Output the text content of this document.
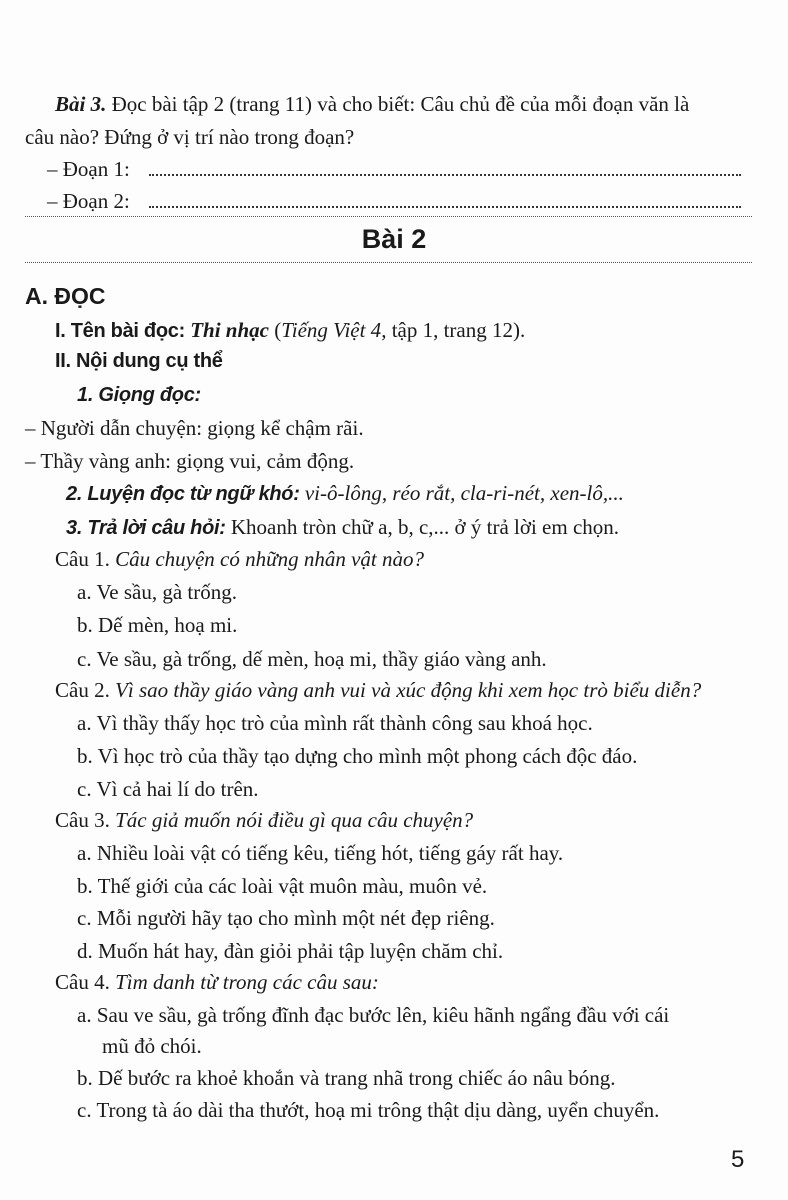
Bài 3. Đọc bài tập 2 (trang 11) và cho biết: Câu chủ đề của mỗi đoạn văn là
câu nào? Đứng ở vị trí nào trong đoạn?
– Đoạn 1:
– Đoạn 2:
Bài 2
A. ĐỌC
I. Tên bài đọc: Thi nhạc (Tiếng Việt 4, tập 1, trang 12).
II. Nội dung cụ thể
1. Giọng đọc:
– Người dẫn chuyện: giọng kể chậm rãi.
– Thầy vàng anh: giọng vui, cảm động.
2. Luyện đọc từ ngữ khó: vi-ô-lông, réo rắt, cla-ri-nét, xen-lô,...
3. Trả lời câu hỏi: Khoanh tròn chữ a, b, c,... ở ý trả lời em chọn.
Câu 1. Câu chuyện có những nhân vật nào?
a. Ve sầu, gà trống.
b. Dế mèn, hoạ mi.
c. Ve sầu, gà trống, dế mèn, hoạ mi, thầy giáo vàng anh.
Câu 2. Vì sao thầy giáo vàng anh vui và xúc động khi xem học trò biểu diễn?
a. Vì thầy thấy học trò của mình rất thành công sau khoá học.
b. Vì học trò của thầy tạo dựng cho mình một phong cách độc đáo.
c. Vì cả hai lí do trên.
Câu 3. Tác giả muốn nói điều gì qua câu chuyện?
a. Nhiều loài vật có tiếng kêu, tiếng hót, tiếng gáy rất hay.
b. Thế giới của các loài vật muôn màu, muôn vẻ.
c. Mỗi người hãy tạo cho mình một nét đẹp riêng.
d. Muốn hát hay, đàn giỏi phải tập luyện chăm chỉ.
Câu 4. Tìm danh từ trong các câu sau:
a. Sau ve sầu, gà trống đĩnh đạc bước lên, kiêu hãnh ngẩng đầu với cái
mũ đỏ chói.
b. Dế bước ra khoẻ khoắn và trang nhã trong chiếc áo nâu bóng.
c. Trong tà áo dài tha thướt, hoạ mi trông thật dịu dàng, uyển chuyển.
5
